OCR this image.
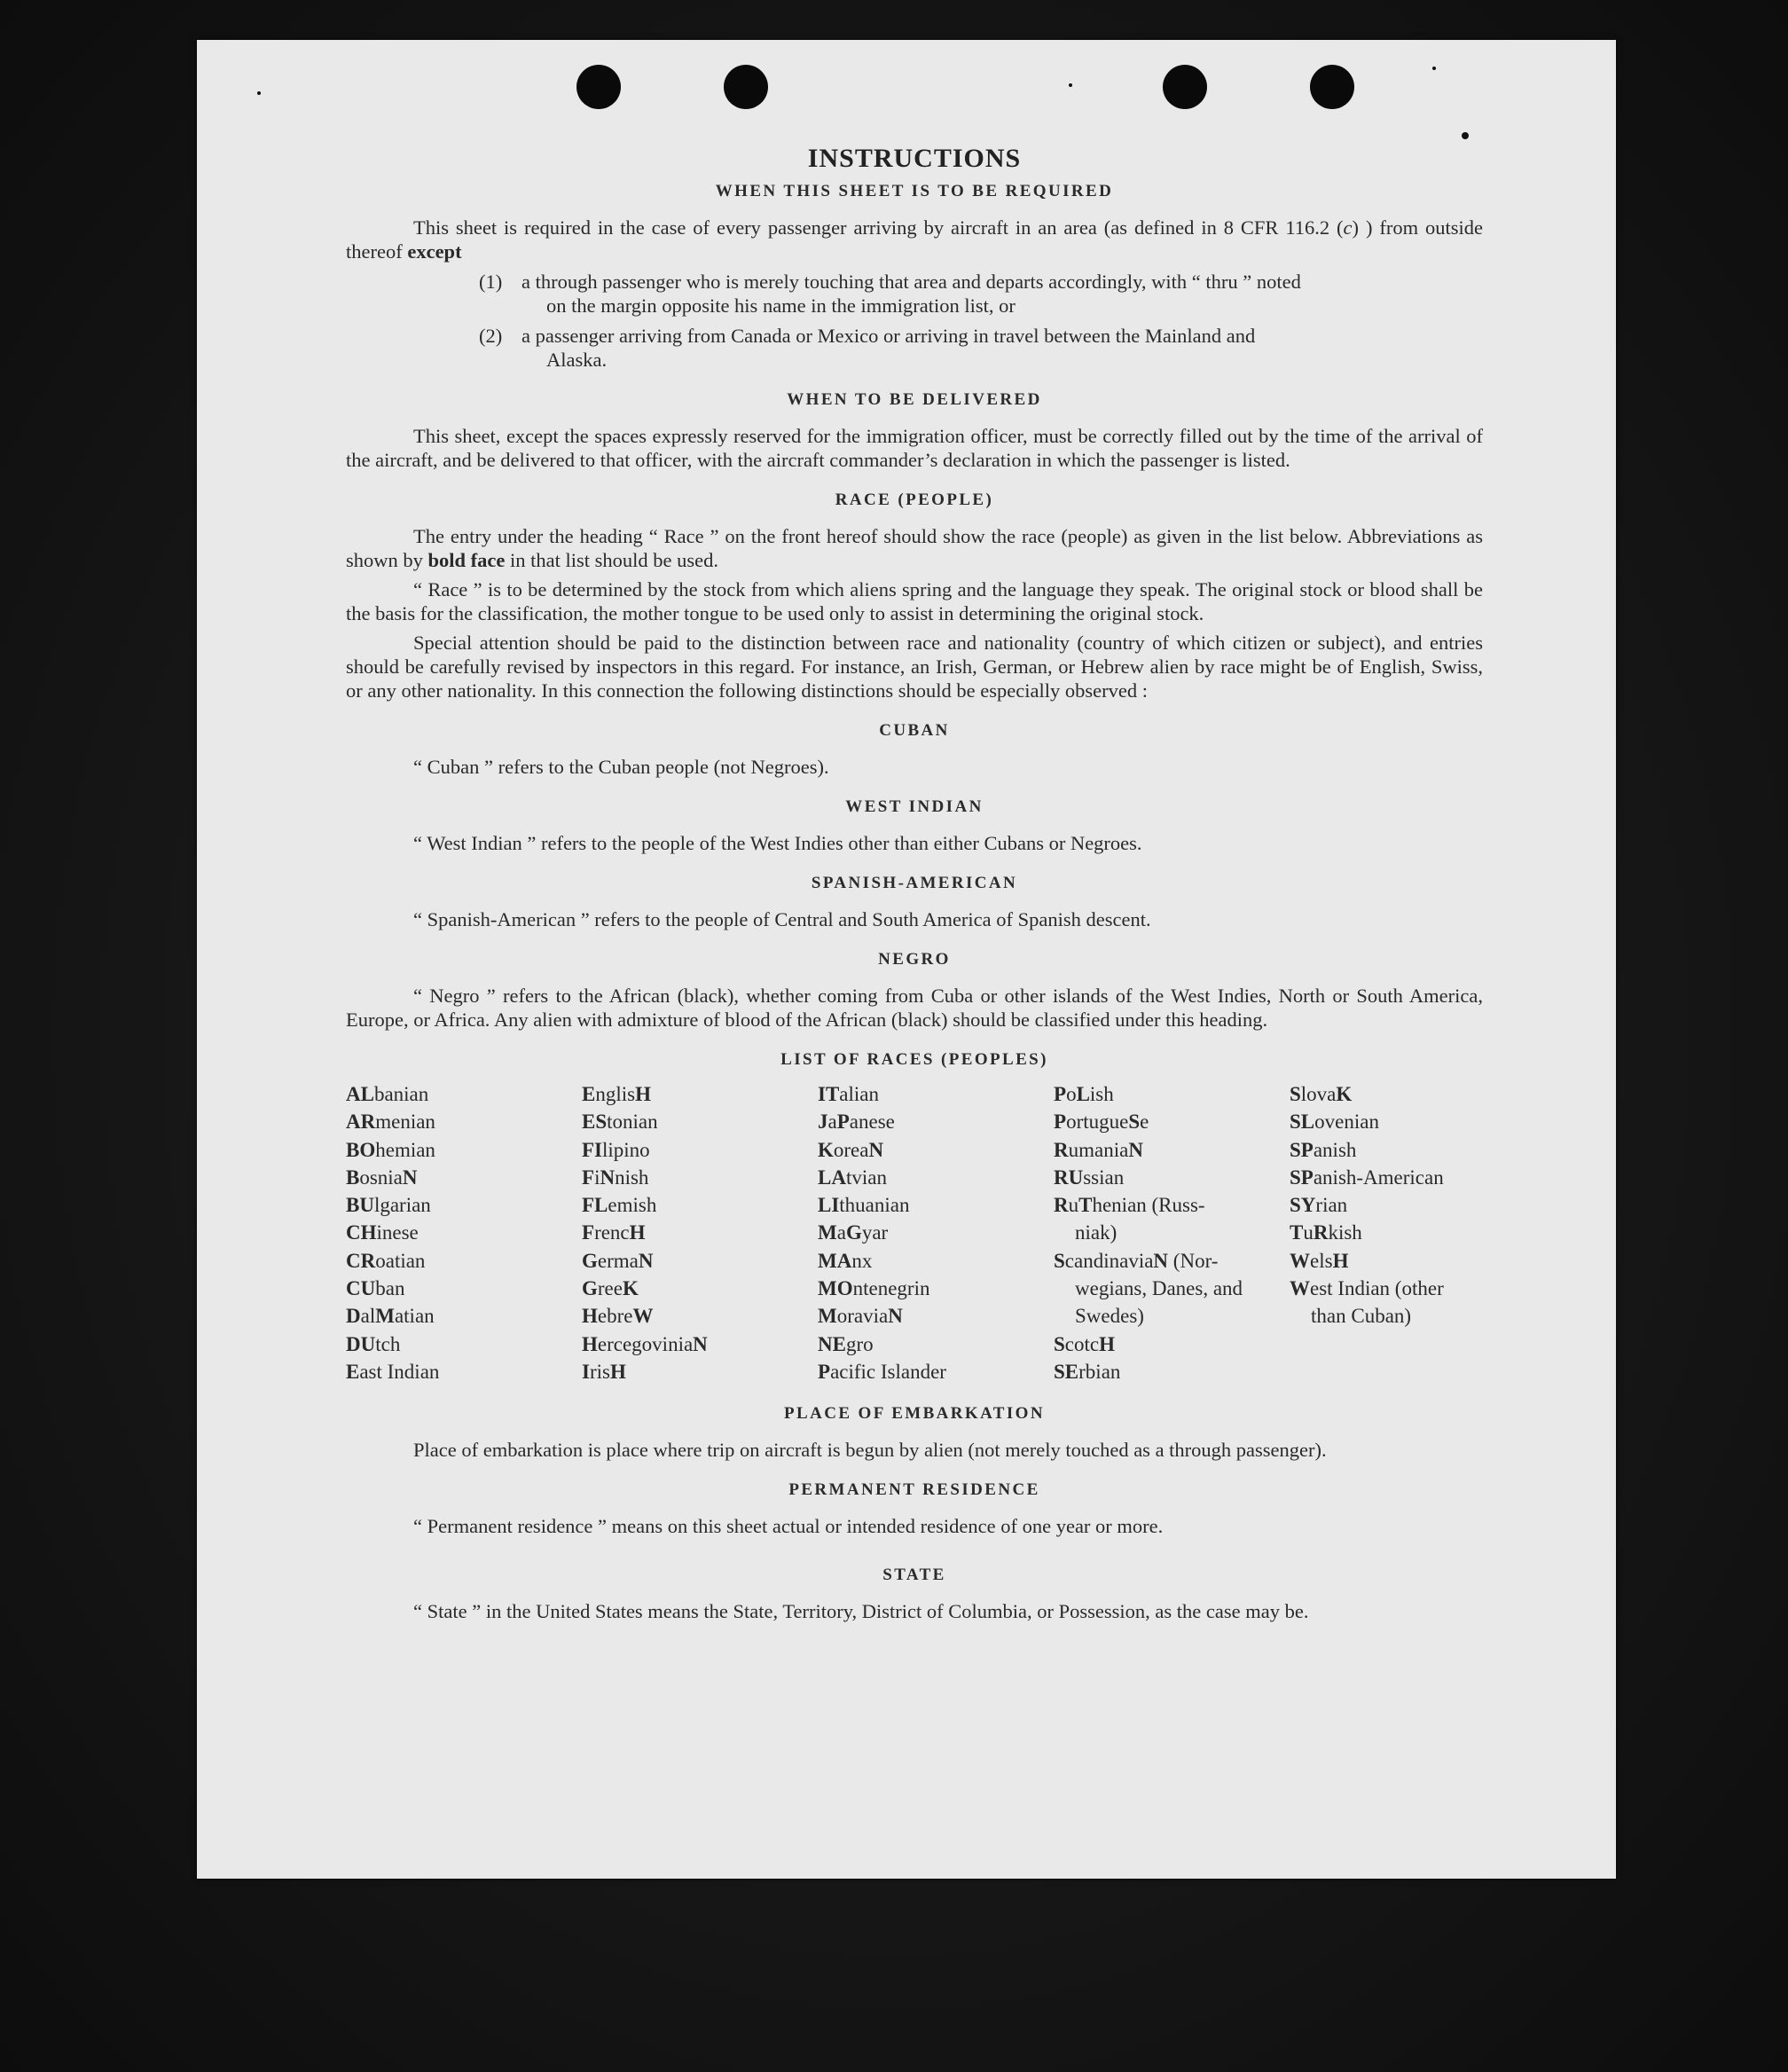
INSTRUCTIONS
WHEN THIS SHEET IS TO BE REQUIRED

This sheet is required in the case of every passenger arriving by aircraft in an area (as defined in 8 CFR 116.2 (c) ) from outside thereof except

(1) a through passenger who is merely touching that area and departs accordingly, with “ thru ” noted
on the margin opposite his name in the immigration list, or
(2) a passenger arriving from Canada or Mexico or arriving in travel between the Mainland and
Alaska.
WHEN TO BE DELIVERED

This sheet, except the spaces expressly reserved for the immigration officer, must be correctly filled out by the time of the arrival of the aircraft, and be delivered to that officer, with the aircraft commander’s declaration in which the passenger is listed.

RACE (PEOPLE)

The entry under the heading “ Race ” on the front hereof should show the race (people) as given in the list below. Abbreviations as shown by bold face in that list should be used.

“ Race ” is to be determined by the stock from which aliens spring and the language they speak. The original stock or blood shall be the basis for the classification, the mother tongue to be used only to assist in determining the original stock.

Special attention should be paid to the distinction between race and nationality (country of which citizen or subject), and entries should be carefully revised by inspectors in this regard. For instance, an Irish, German, or Hebrew alien by race might be of English, Swiss, or any other nationality. In this connection the following distinctions should be especially observed :

CUBAN

“ Cuban ” refers to the Cuban people (not Negroes).

WEST INDIAN

“ West Indian ” refers to the people of the West Indies other than either Cubans or Negroes.

SPANISH-AMERICAN

“ Spanish-American ” refers to the people of Central and South America of Spanish descent.

NEGRO

“ Negro ” refers to the African (black), whether coming from Cuba or other islands of the West Indies, North or South America, Europe, or Africa. Any alien with admixture of blood of the African (black) should be classified under this heading.

LIST OF RACES (PEOPLES)
ALbanian
ARmenian
BOhemian
BosniaN
BUlgarian
CHinese
CRoatian
CUban
DalMatian
DUtch
East Indian
EnglisH
EStonian
FIlipino
FiNnish
FLemish
FrencH
GermaN
GreeK
HebreW
HercegoviniaN
IrisH
ITalian
JaPanese
KoreaN
LAtvian
LIthuanian
MaGyar
MAnx
MOntenegrin
MoraviaN
NEgro
Pacific Islander
PoLish
PortugueSe
RumaniaN
RUssian
RuThenian (Russ-
niak)
ScandinaviaN (Nor-
wegians, Danes, and Swedes)
ScotcH
SErbian
SlovaK
SLovenian
SPanish
SPanish-American
SYrian
TuRkish
WelsH
West Indian (other
than Cuban)
PLACE OF EMBARKATION

Place of embarkation is place where trip on aircraft is begun by alien (not merely touched as a through passenger).

PERMANENT RESIDENCE

“ Permanent residence ” means on this sheet actual or intended residence of one year or more.

STATE

“ State ” in the United States means the State, Territory, District of Columbia, or Possession, as the case may be.
